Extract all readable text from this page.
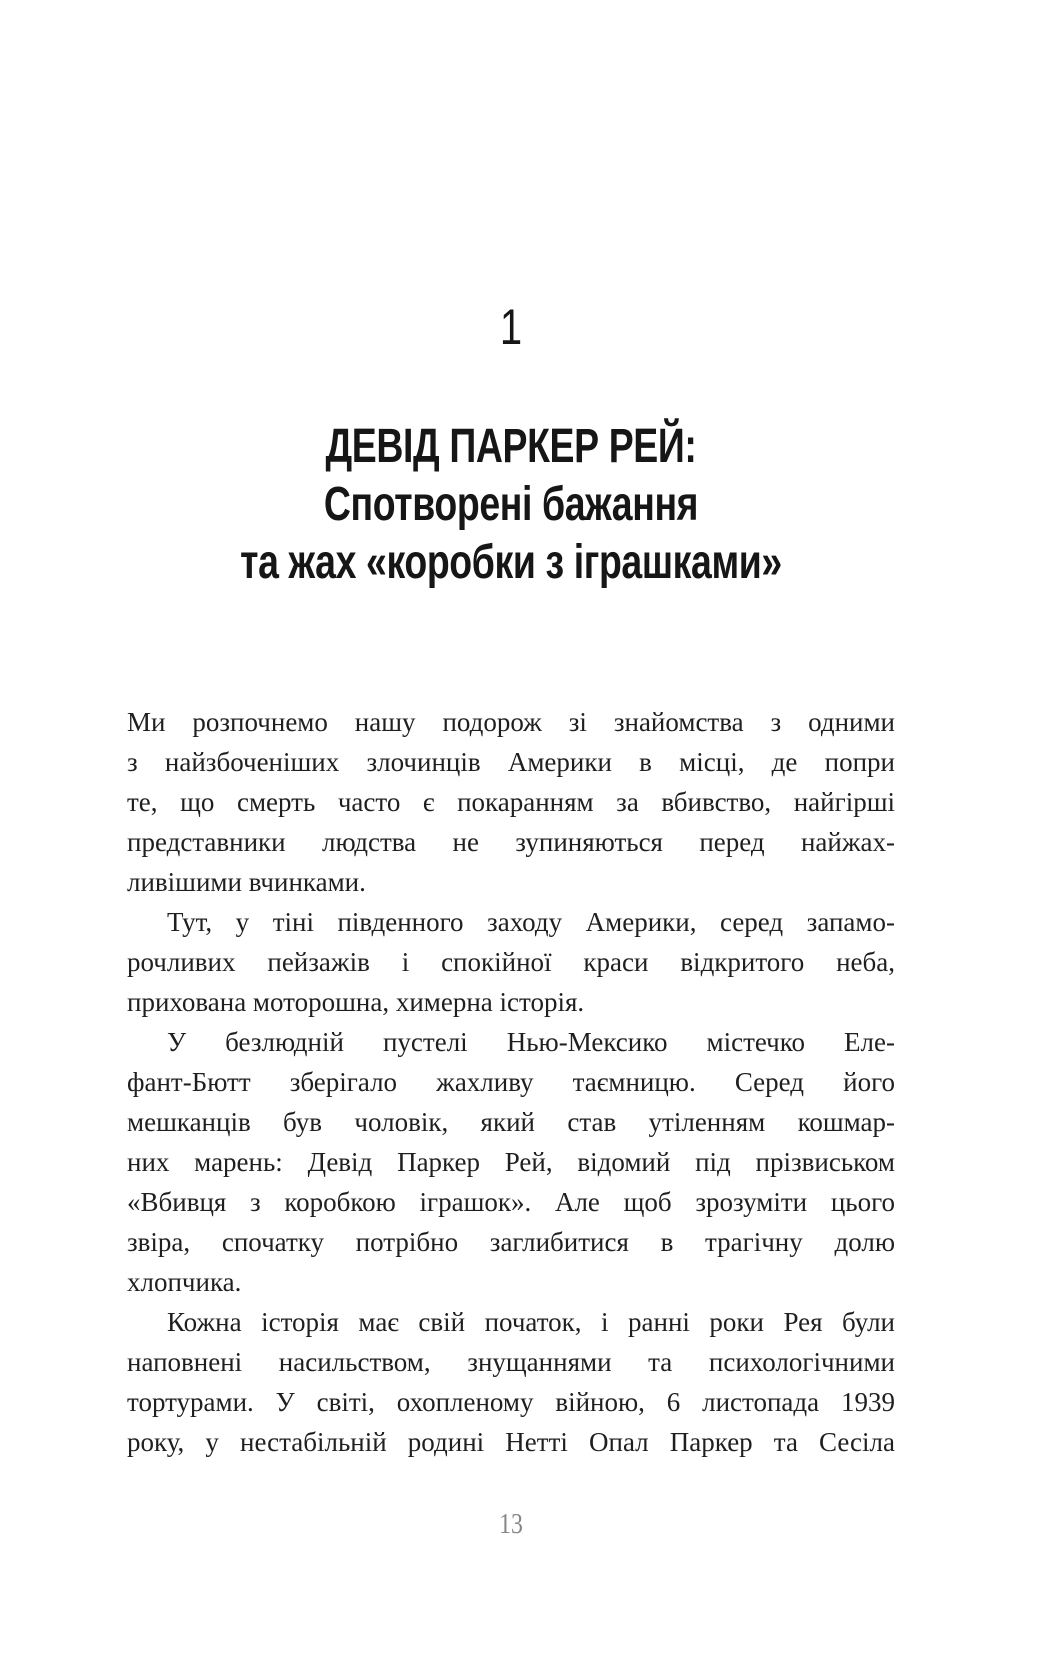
1
ДЕВІД ПАРКЕР РЕЙ:
Спотворені бажання
та жах «коробки з іграшками»
Ми розпочнемо нашу подорож зі знайомства з одними
з найзбоченіших злочинців Америки в місці, де попри
те, що смерть часто є покаранням за вбивство, найгірші
представники людства не зупиняються перед найжах-
ливішими вчинками.
Тут, у тіні південного заходу Америки, серед запамо-
рочливих пейзажів і спокійної краси відкритого неба,
прихована моторошна, химерна історія.
У безлюдній пустелі Нью-Мексико містечко Еле-
фант-Бютт зберігало жахливу таємницю. Серед його
мешканців був чоловік, який став утіленням кошмар-
них марень: Девід Паркер Рей, відомий під прізвиськом
«Вбивця з коробкою іграшок». Але щоб зрозуміти цього
звіра, спочатку потрібно заглибитися в трагічну долю
хлопчика.
Кожна історія має свій початок, і ранні роки Рея були
наповнені насильством, знущаннями та психологічними
тортурами. У світі, охопленому війною, 6 листопада 1939
року, у нестабільній родині Нетті Опал Паркер та Сесіла
13
